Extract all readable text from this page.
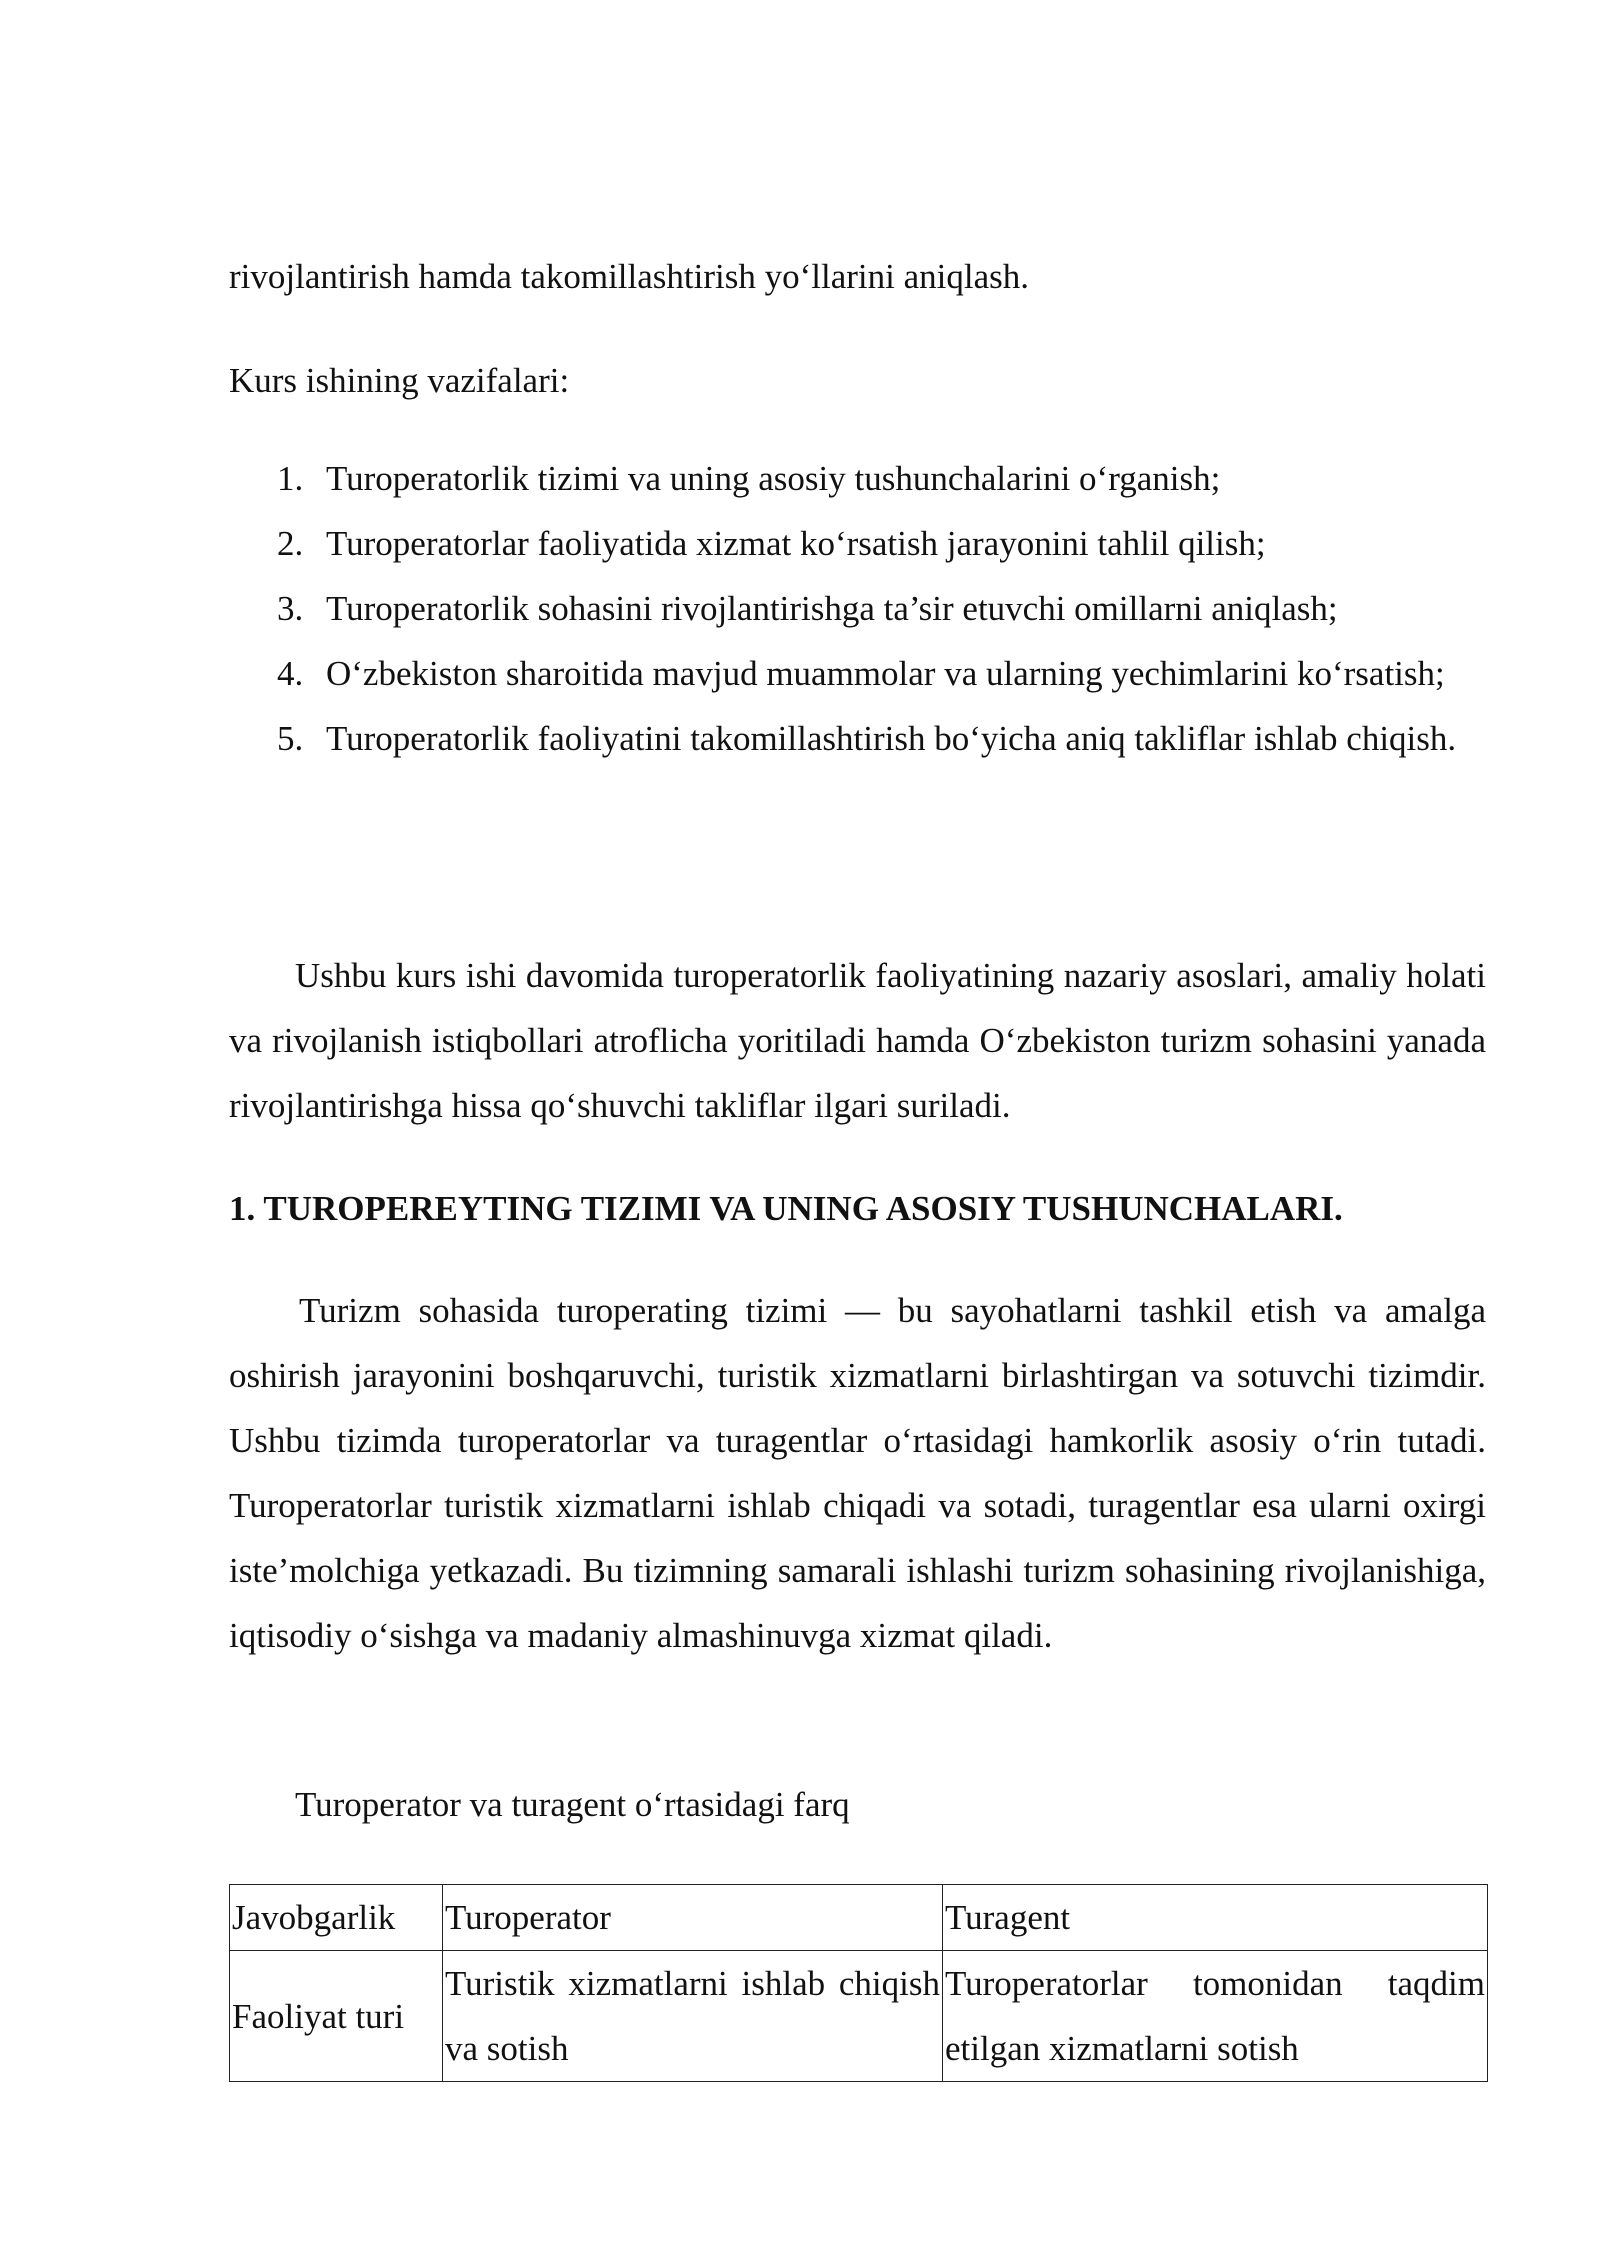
rivojlantirish hamda takomillashtirish yo‘llarini aniqlash.

Kurs ishining vazifalari:

1. Turoperatorlik tizimi va uning asosiy tushunchalarini o‘rganish;
2. Turoperatorlar faoliyatida xizmat ko‘rsatish jarayonini tahlil qilish;
3. Turoperatorlik sohasini rivojlantirishga ta’sir etuvchi omillarni aniqlash;
4. O‘zbekiston sharoitida mavjud muammolar va ularning yechimlarini ko‘rsatish;
5. Turoperatorlik faoliyatini takomillashtirish bo‘yicha aniq takliflar ishlab chiqish.

Ushbu kurs ishi davomida turoperatorlik faoliyatining nazariy asoslari, amaliy holati va rivojlanish istiqbollari atroflicha yoritiladi hamda O‘zbekiston turizm sohasini yanada rivojlantirishga hissa qo‘shuvchi takliflar ilgari suriladi.

1. TUROPEREYTING TIZIMI VA UNING ASOSIY TUSHUNCHALARI.

Turizm sohasida turoperating tizimi — bu sayohatlarni tashkil etish va amalga oshirish jarayonini boshqaruvchi, turistik xizmatlarni birlashtirgan va sotuvchi tizimdir. Ushbu tizimda turoperatorlar va turagentlar o‘rtasidagi hamkorlik asosiy o‘rin tutadi. Turoperatorlar turistik xizmatlarni ishlab chiqadi va sotadi, turagentlar esa ularni oxirgi iste’molchiga yetkazadi. Bu tizimning samarali ishlashi turizm sohasining rivojlanishiga, iqtisodiy o‘sishga va madaniy almashinuvga xizmat qiladi.

Turoperator va turagent o‘rtasidagi farq

Javobgarlik	Turoperator	Turagent
Faoliyat turi	Turistik xizmatlarni ishlab chiqish va sotish	Turoperatorlar tomonidan taqdim etilgan xizmatlarni sotish
